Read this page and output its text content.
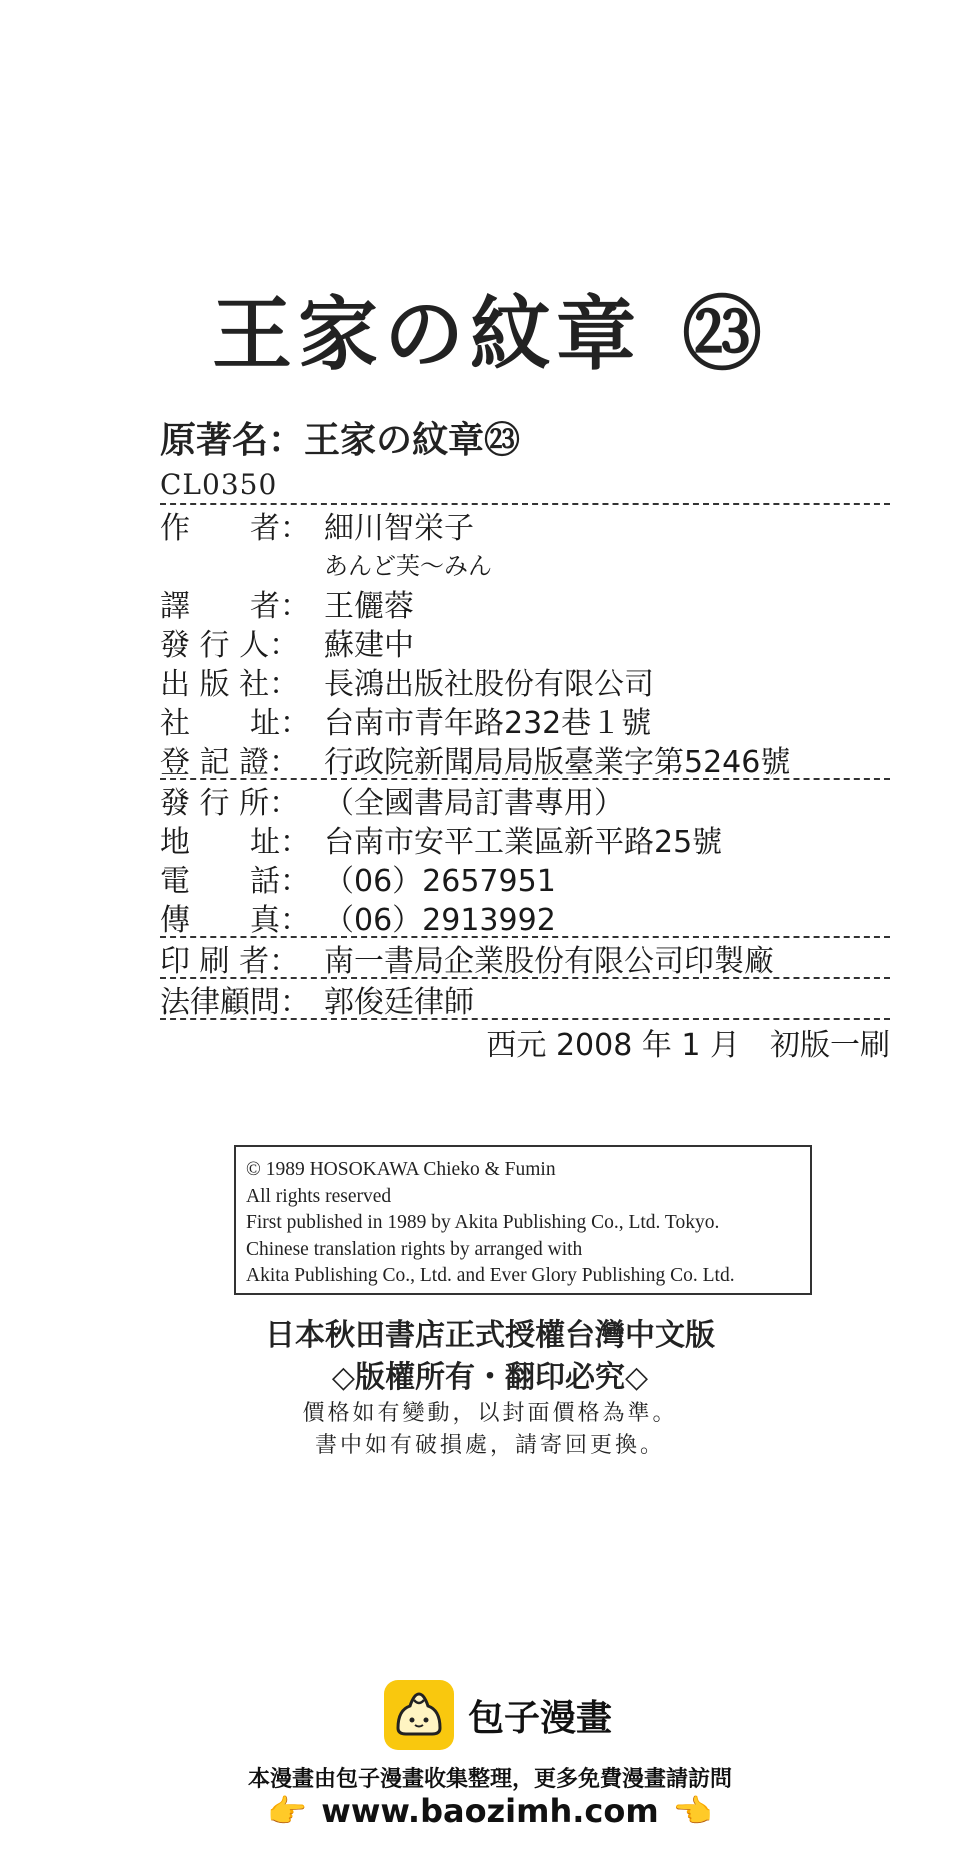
王家の紋章 ㉓
原著名：王家の紋章㉓
CL0350
作　　者： 細川智栄子
あんど芙〜みん
譯　　者： 王儷蓉
發 行 人： 蘇建中
出 版 社： 長鴻出版社股份有限公司
社　　址： 台南市青年路232巷１號
登 記 證： 行政院新聞局局版臺業字第5246號
發 行 所： （全國書局訂書專用）
地　　址： 台南市安平工業區新平路25號
電　　話： （06）2657951
傳　　真： （06）2913992
印 刷 者： 南一書局企業股份有限公司印製廠
法律顧問： 郭俊廷律師
西元 2008 年 1 月　初版一刷
© 1989 HOSOKAWA Chieko & Fumin
All rights reserved
First published in 1989 by Akita Publishing Co., Ltd. Tokyo.
Chinese translation rights by arranged with
Akita Publishing Co., Ltd. and Ever Glory Publishing Co. Ltd.
日本秋田書店正式授權台灣中文版
◇版權所有・翻印必究◇
價格如有變動，以封面價格為準。
書中如有破損處，請寄回更換。
包子漫畫
本漫畫由包子漫畫收集整理，更多免費漫畫請訪問
👉 www.baozimh.com 👈
